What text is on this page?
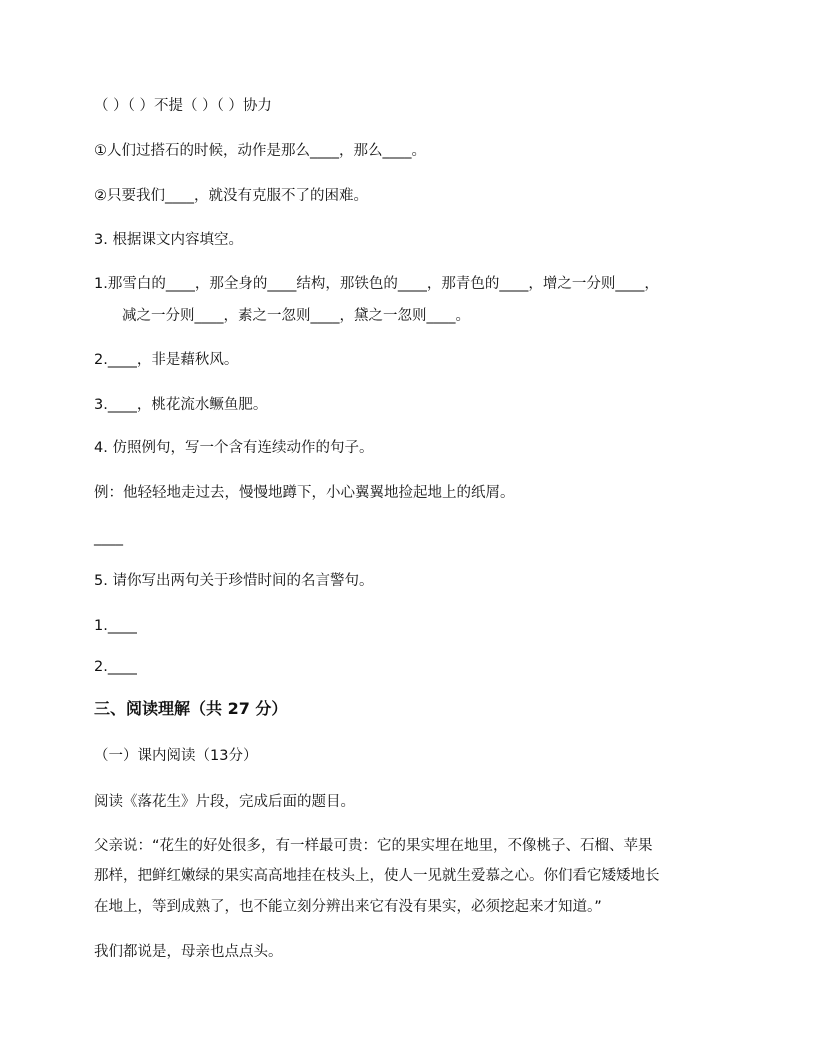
（ ）（ ）不提（ ）（ ）协力
①人们过搭石的时候，动作是那么____，那么____。
②只要我们____，就没有克服不了的困难。
3. 根据课文内容填空。
1.那雪白的____，那全身的____结构，那铁色的____，那青色的____，增之一分则____，
减之一分则____，素之一忽则____，黛之一忽则____。
2.____，非是藉秋风。
3.____，桃花流水鳜鱼肥。
4. 仿照例句，写一个含有连续动作的句子。
例：他轻轻地走过去，慢慢地蹲下，小心翼翼地捡起地上的纸屑。
____
5. 请你写出两句关于珍惜时间的名言警句。
1.____
2.____
三、阅读理解（共 27 分）
（一）课内阅读（13分）
阅读《落花生》片段，完成后面的题目。
父亲说：“花生的好处很多，有一样最可贵：它的果实埋在地里，不像桃子、石榴、苹果
那样，把鲜红嫩绿的果实高高地挂在枝头上，使人一见就生爱慕之心。你们看它矮矮地长
在地上，等到成熟了，也不能立刻分辨出来它有没有果实，必须挖起来才知道。”
我们都说是，母亲也点点头。
